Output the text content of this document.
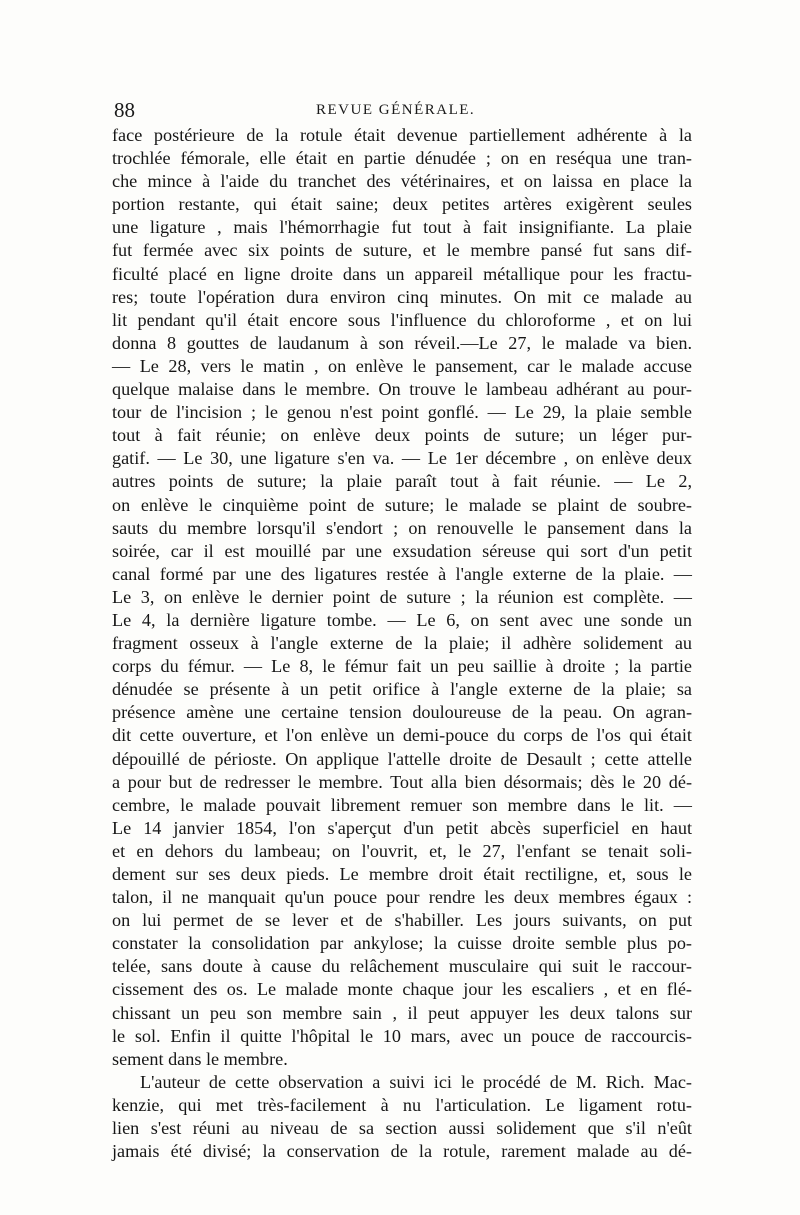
88	REVUE GÉNÉRALE.
face postérieure de la rotule était devenue partiellement adhérente à la
trochlée fémorale, elle était en partie dénudée ; on en reséqua une tran-
che mince à l'aide du tranchet des vétérinaires, et on laissa en place la
portion restante, qui était saine; deux petites artères exigèrent seules
une ligature , mais l'hémorrhagie fut tout à fait insignifiante. La plaie
fut fermée avec six points de suture, et le membre pansé fut sans dif-
ficulté placé en ligne droite dans un appareil métallique pour les fractu-
res; toute l'opération dura environ cinq minutes. On mit ce malade au
lit pendant qu'il était encore sous l'influence du chloroforme , et on lui
donna 8 gouttes de laudanum à son réveil.—Le 27, le malade va bien.
— Le 28, vers le matin , on enlève le pansement, car le malade accuse
quelque malaise dans le membre. On trouve le lambeau adhérant au pour-
tour de l'incision ; le genou n'est point gonflé. — Le 29, la plaie semble
tout à fait réunie; on enlève deux points de suture; un léger pur-
gatif. — Le 30, une ligature s'en va. — Le 1er décembre , on enlève deux
autres points de suture; la plaie paraît tout à fait réunie. — Le 2,
on enlève le cinquième point de suture; le malade se plaint de soubre-
sauts du membre lorsqu'il s'endort ; on renouvelle le pansement dans la
soirée, car il est mouillé par une exsudation séreuse qui sort d'un petit
canal formé par une des ligatures restée à l'angle externe de la plaie. —
Le 3, on enlève le dernier point de suture ; la réunion est complète. —
Le 4, la dernière ligature tombe. — Le 6, on sent avec une sonde un
fragment osseux à l'angle externe de la plaie; il adhère solidement au
corps du fémur. — Le 8, le fémur fait un peu saillie à droite ; la partie
dénudée se présente à un petit orifice à l'angle externe de la plaie; sa
présence amène une certaine tension douloureuse de la peau. On agran-
dit cette ouverture, et l'on enlève un demi-pouce du corps de l'os qui était
dépouillé de périoste. On applique l'attelle droite de Desault ; cette attelle
a pour but de redresser le membre. Tout alla bien désormais; dès le 20 dé-
cembre, le malade pouvait librement remuer son membre dans le lit. —
Le 14 janvier 1854, l'on s'aperçut d'un petit abcès superficiel en haut
et en dehors du lambeau; on l'ouvrit, et, le 27, l'enfant se tenait soli-
dement sur ses deux pieds. Le membre droit était rectiligne, et, sous le
talon, il ne manquait qu'un pouce pour rendre les deux membres égaux :
on lui permet de se lever et de s'habiller. Les jours suivants, on put
constater la consolidation par ankylose; la cuisse droite semble plus po-
telée, sans doute à cause du relâchement musculaire qui suit le raccour-
cissement des os. Le malade monte chaque jour les escaliers , et en flé-
chissant un peu son membre sain , il peut appuyer les deux talons sur
le sol. Enfin il quitte l'hôpital le 10 mars, avec un pouce de raccourcis-
sement dans le membre.
L'auteur de cette observation a suivi ici le procédé de M. Rich. Mac-
kenzie, qui met très-facilement à nu l'articulation. Le ligament rotu-
lien s'est réuni au niveau de sa section aussi solidement que s'il n'eût
jamais été divisé; la conservation de la rotule, rarement malade au dé-
